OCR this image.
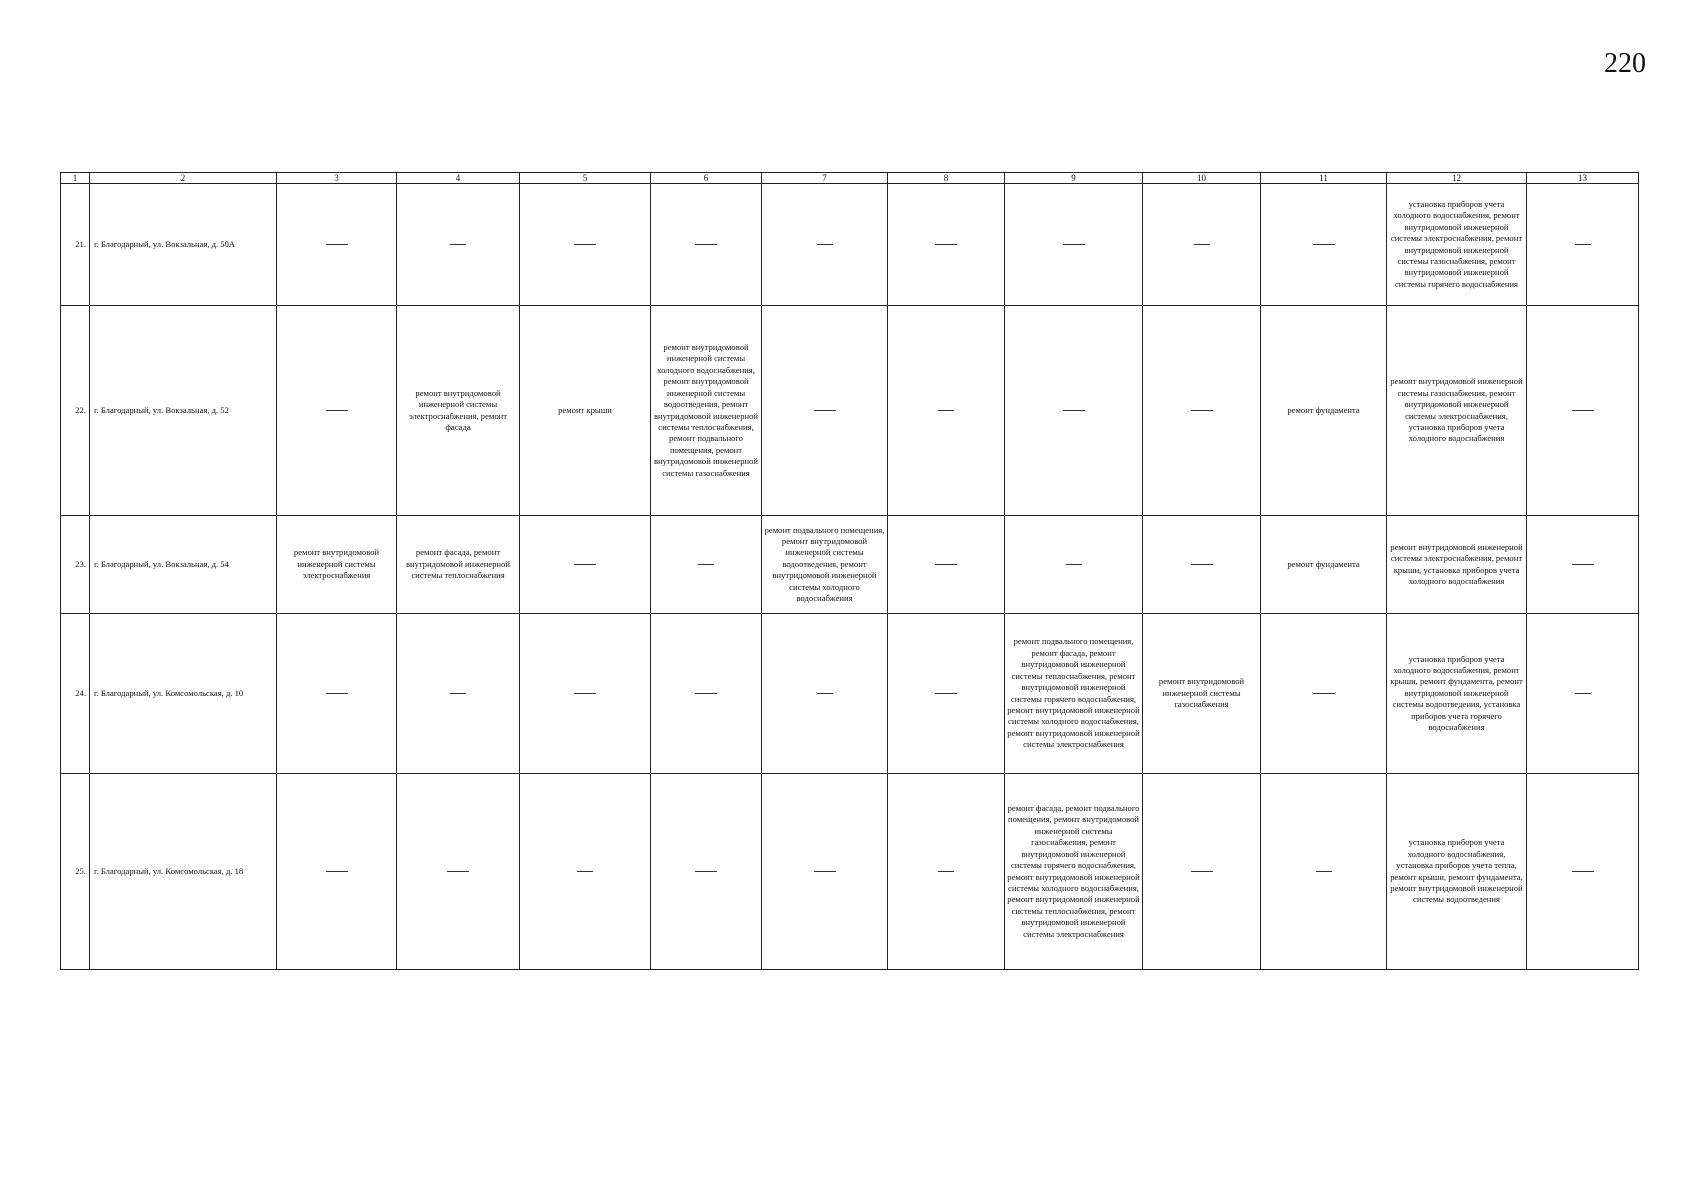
220
1	2	3	4	5	6	7	8	9	10	11	12	13
21.	г. Благодарный, ул. Вокзальная, д. 50А										установка приборов учета холодного водоснабжения, ремонт внутридомовой инженерной системы электроснабжения, ремонт внутридомовой инженерной системы газоснабжения, ремонт внутридомовой инженерной системы горячего водоснабжения	
22.	г. Благодарный, ул. Вокзальная, д. 52		ремонт внутридомовой инженерной системы электроснабжения, ремонт фасада	ремонт крыши	ремонт внутридомовой инженерной системы холодного водоснабжения, ремонт внутридомовой инженерной системы водоотведения, ремонт внутридомовой инженерной системы теплоснабжения, ремонт подвального помещения, ремонт внутридомовой инженерной системы газоснабжения					ремонт фундамента	ремонт внутридомовой инженерной системы газоснабжения, ремонт внутридомовой инженерной системы электроснабжения, установка приборов учета холодного водоснабжения	
23.	г. Благодарный, ул. Вокзальная, д. 54	ремонт внутридомовой инженерной системы электроснабжения	ремонт фасада, ремонт внутридомовой инженерной системы теплоснабжения			ремонт подвального помещения, ремонт внутридомовой инженерной системы водоотведения, ремонт внутридомовой инженерной системы холодного водоснабжения				ремонт фундамента	ремонт внутридомовой инженерной системы электроснабжения, ремонт крыши, установка приборов учета холодного водоснабжения	
24.	г. Благодарный, ул. Комсомольская, д. 10							ремонт подвального помещения, ремонт фасада, ремонт внутридомовой инженерной системы теплоснабжения, ремонт внутридомовой инженерной системы горячего водоснабжения, ремонт внутридомовой инженерной системы холодного водоснабжения, ремонт внутридомовой инженерной системы электроснабжения	ремонт внутридомовой инженерной системы газоснабжения		установка приборов учета холодного водоснабжения, ремонт крыши, ремонт фундамента, ремонт внутридомовой инженерной системы водоотведения, установка приборов учета горячего водоснабжения	
25.	г. Благодарный, ул. Комсомольская, д. 18							ремонт фасада, ремонт подвального помещения, ремонт внутридомовой инженерной системы газоснабжения, ремонт внутридомовой инженерной системы горячего водоснабжения, ремонт внутридомовой инженерной системы холодного водоснабжения, ремонт внутридомовой инженерной системы теплоснабжения, ремонт внутридомовой инженерной системы электроснабжения			установка приборов учета холодного водоснабжения, установка приборов учета тепла, ремонт крыши, ремонт фундамента, ремонт внутридомовой инженерной системы водоотведения	
